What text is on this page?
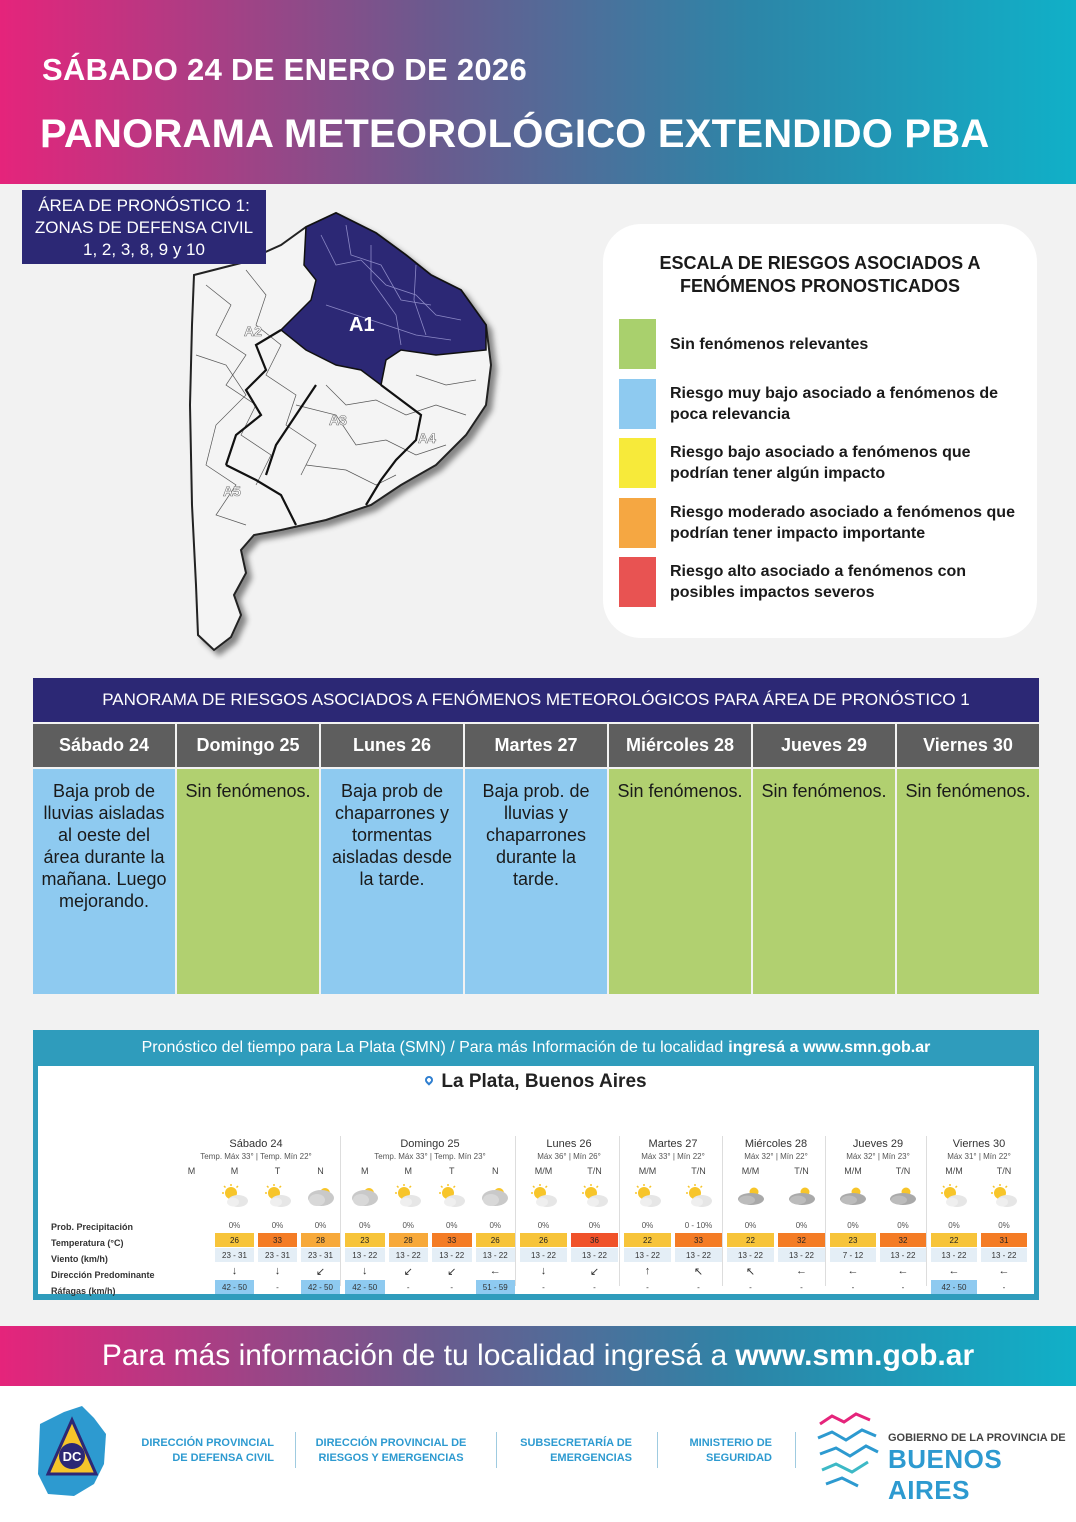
SÁBADO 24 DE ENERO DE 2026
PANORAMA METEOROLÓGICO EXTENDIDO PBA
ÁREA DE PRONÓSTICO 1:
ZONAS DE DEFENSA CIVIL
1, 2, 3, 8, 9 y 10
A1
A2
A3
A4
A5
ESCALA DE RIESGOS ASOCIADOS A
FENÓMENOS PRONOSTICADOS
Sin fenómenos relevantes
Riesgo muy bajo asociado a fenómenos de poca relevancia
Riesgo bajo asociado a fenómenos que podrían tener algún impacto
Riesgo moderado asociado a fenómenos que podrían tener impacto importante
Riesgo alto asociado a fenómenos con posibles impactos severos
PANORAMA DE RIESGOS ASOCIADOS A FENÓMENOS METEOROLÓGICOS PARA ÁREA DE PRONÓSTICO 1
Sábado 24
Baja prob de lluvias aisladas al oeste del área durante la mañana. Luego mejorando.
Domingo 25
Sin fenómenos.
Lunes 26
Baja prob de chaparrones y tormentas aisladas desde la tarde.
Martes 27
Baja prob. de lluvias y chaparrones durante la tarde.
Miércoles 28
Sin fenómenos.
Jueves 29
Sin fenómenos.
Viernes 30
Sin fenómenos.
Pronóstico del tiempo para La Plata (SMN) / Para más Información de tu localidad ingresá a www.smn.gob.ar
La Plata, Buenos Aires
Prob. Precipitación
Temperatura (°C)
Viento (km/h)
Dirección Predominante
Ráfagas (km/h)
Sábado 24
Temp. Máx 33° | Temp. Mín 22°
M	M
0%
26
23 - 31
↓
42 - 50
T
0%
33
23 - 31
↓
-
N
0%
28
23 - 31
↙
42 - 50
Domingo 25
Temp. Máx 33° | Temp. Mín 23°
M
0%
23
13 - 22
↓
42 - 50
M
0%
28
13 - 22
↙
-
T
0%
33
13 - 22
↙
-
N
0%
26
13 - 22
←
51 - 59
Lunes 26
Máx 36° | Mín 26°
M/M
0%
26
13 - 22
↓
-
T/N
0%
36
13 - 22
↙
-
Martes 27
Máx 33° | Mín 22°
M/M
0%
22
13 - 22
↑
-
T/N
0 - 10%
33
13 - 22
↖
-
Miércoles 28
Máx 32° | Mín 22°
M/M
0%
22
13 - 22
↖
-
T/N
0%
32
13 - 22
←
-
Jueves 29
Máx 32° | Mín 23°
M/M
0%
23
7 - 12
←
-
T/N
0%
32
13 - 22
←
-
Viernes 30
Máx 31° | Mín 22°
M/M
0%
22
13 - 22
←
42 - 50
T/N
0%
31
13 - 22
←
-
Para más información de tu localidad ingresá a www.smn.gob.ar
DC
DIRECCIÓN PROVINCIAL
DE DEFENSA CIVIL
DIRECCIÓN PROVINCIAL DE
RIESGOS Y EMERGENCIAS
SUBSECRETARÍA DE
EMERGENCIAS
MINISTERIO DE
SEGURIDAD
GOBIERNO DE LA PROVINCIA DE
BUENOS AIRES
